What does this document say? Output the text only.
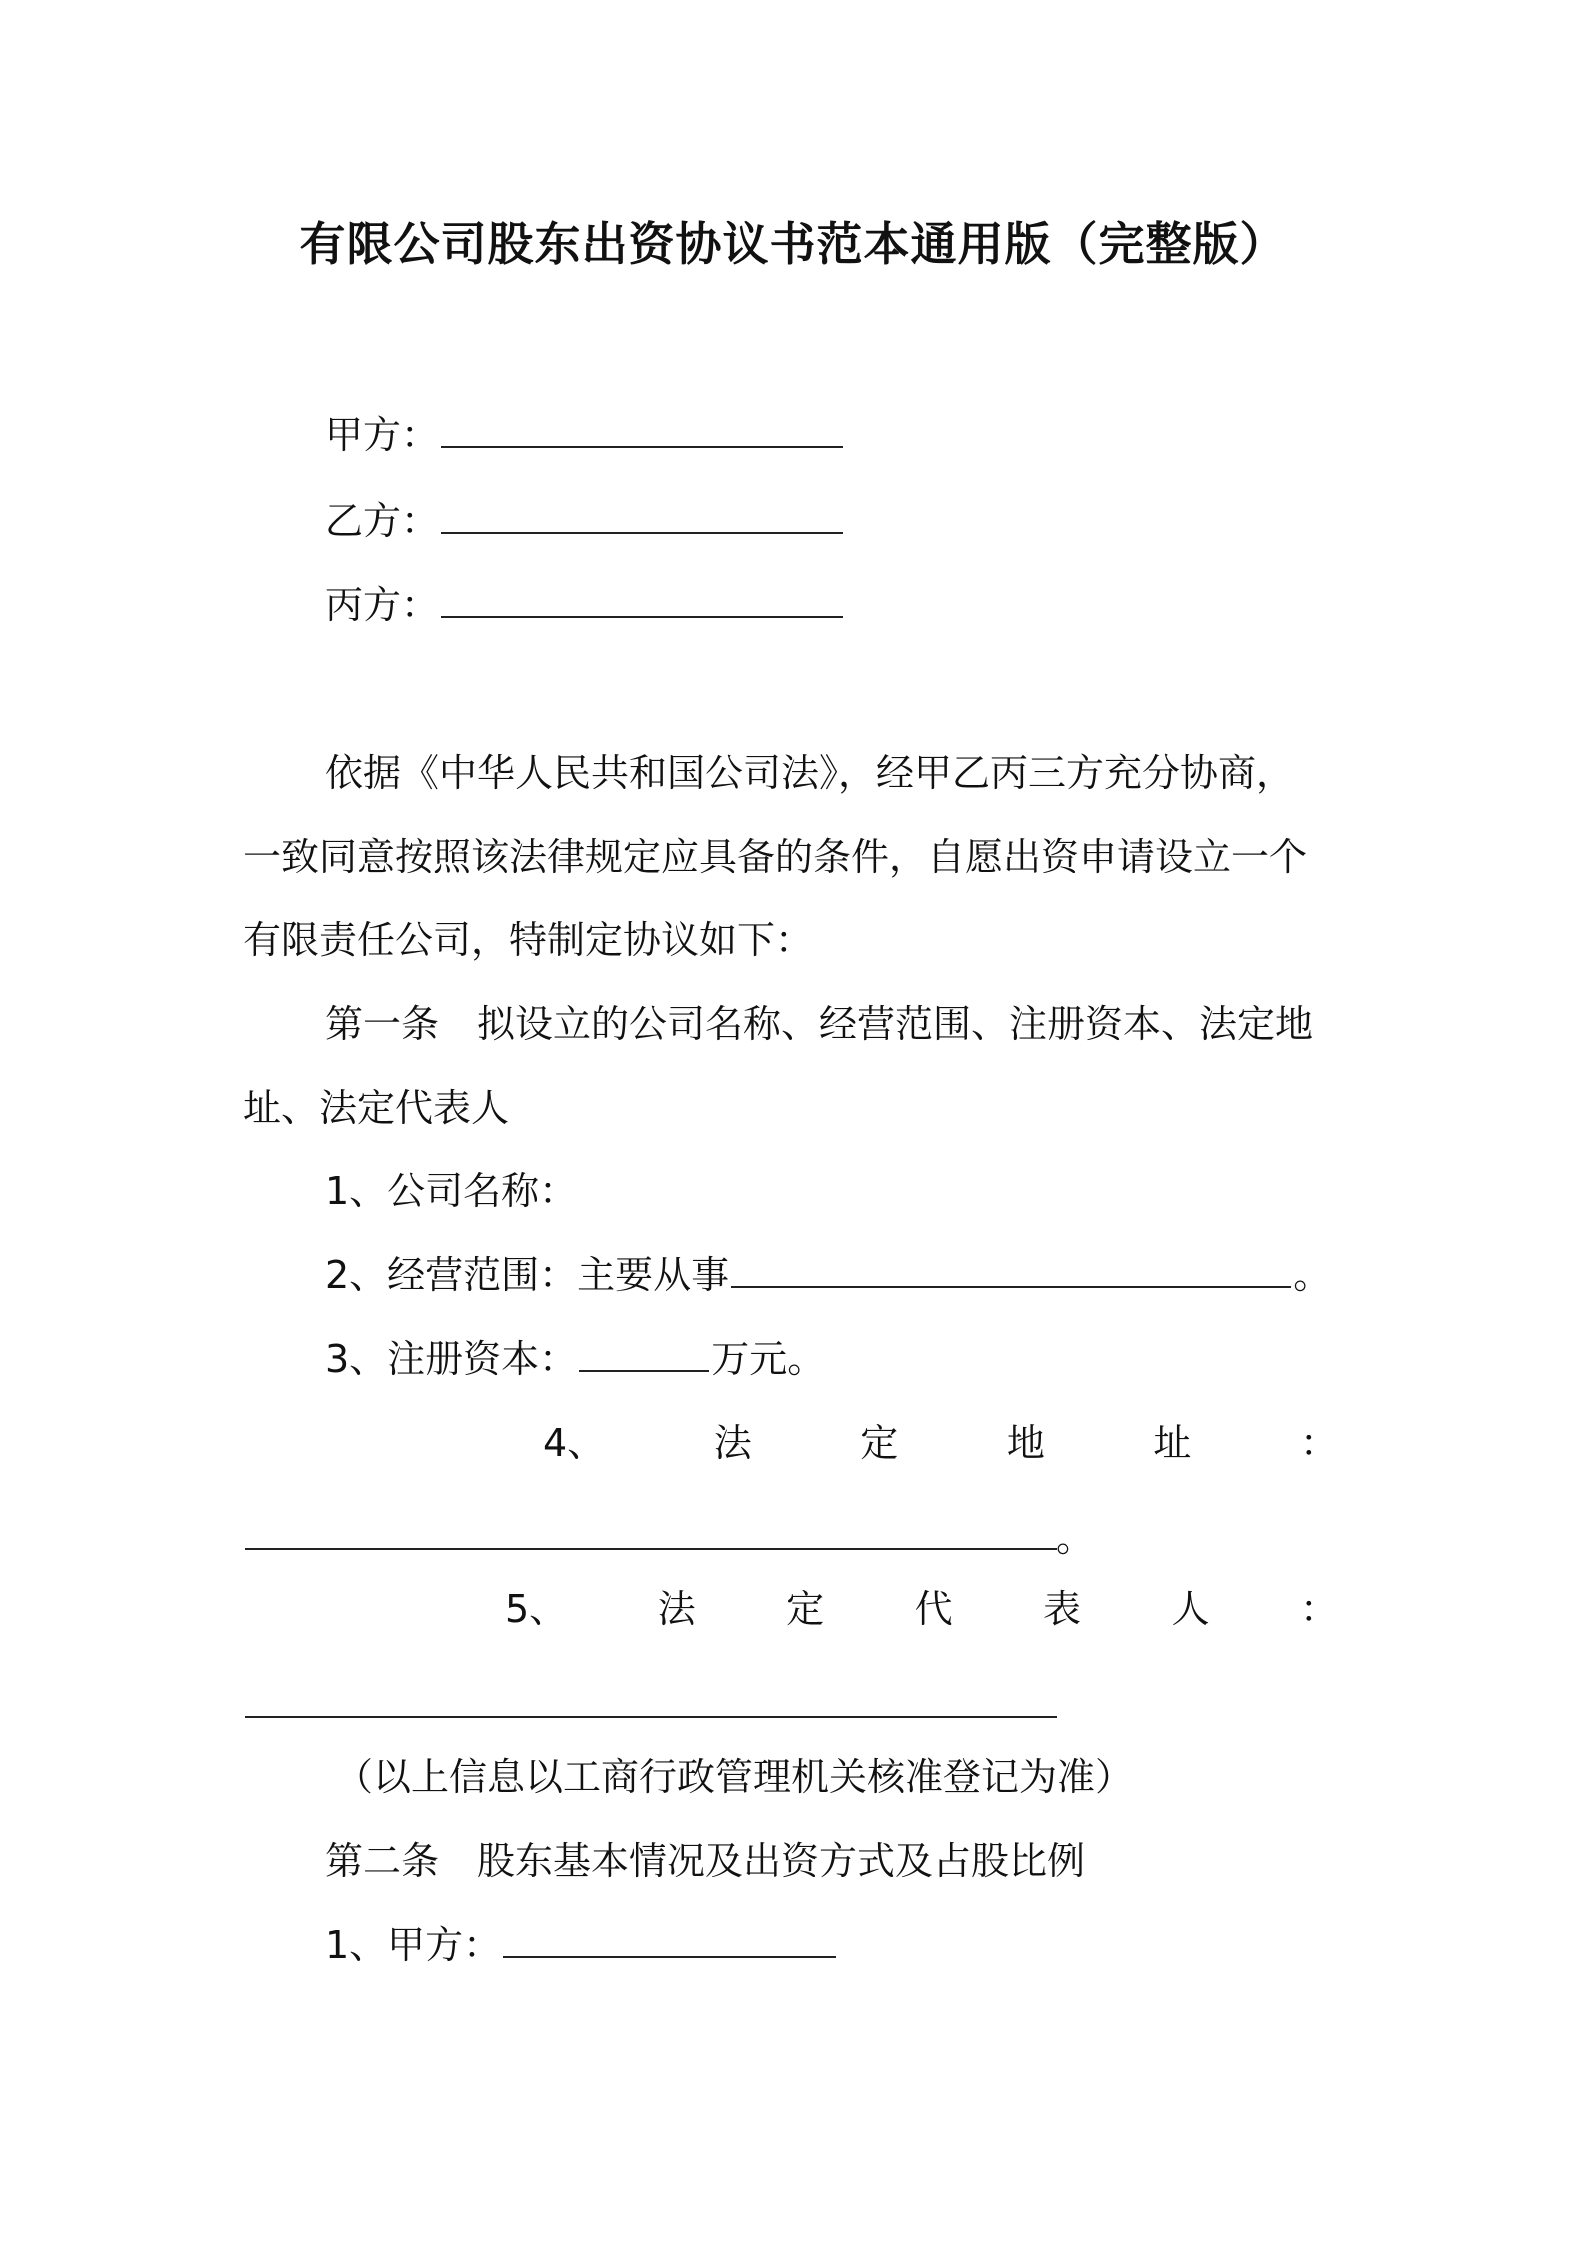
有限公司股东出资协议书范本通用版（完整版）
甲方：
乙方：
丙方：
依据《中华人民共和国公司法》，经甲乙丙三方充分协商，
一致同意按照该法律规定应具备的条件，自愿出资申请设立一个
有限责任公司，特制定协议如下：
第一条　拟设立的公司名称、经营范围、注册资本、法定地
址、法定代表人
1、公司名称：
2、经营范围：主要从事	。
3、注册资本：	万元。
4、	法	定	地	址	：
。
5、 法 定 代 表 人 ：
（以上信息以工商行政管理机关核准登记为准）
第二条　股东基本情况及出资方式及占股比例
1、甲方：
